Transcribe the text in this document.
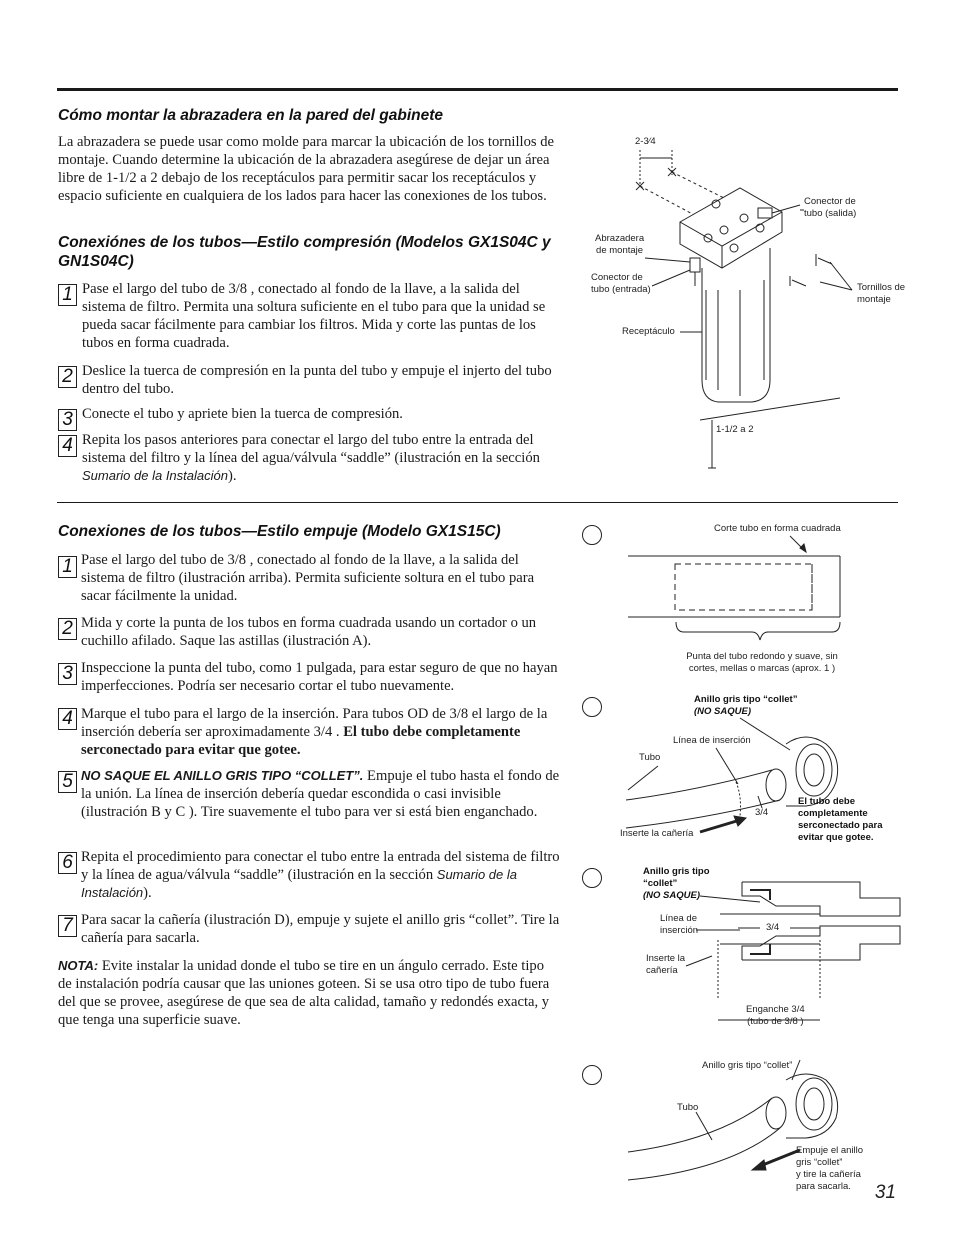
Cómo montar la abrazadera en la pared del gabinete
La abrazadera se puede usar como molde para marcar la ubicación de los tornillos de montaje. Cuando determine la ubicación de la abrazadera asegúrese de dejar un área libre de 1-1/2 a 2 debajo de los receptáculos para permitir sacar los receptáculos y espacio suficiente en cualquiera de los lados para hacer las conexiones de los tubos.
Conexiónes de los tubos—Estilo compresión (Modelos GX1S04C y GN1S04C)
1 Pase el largo del tubo de 3/8 , conectado al fondo de la llave, a la salida del sistema de filtro. Permita una soltura suficiente en el tubo para que la unidad se pueda sacar fácilmente para cambiar los filtros. Mida y corte las puntas de los tubos en forma cuadrada.
2 Deslice la tuerca de compresión en la punta del tubo y empuje el injerto del tubo dentro del tubo.
3 Conecte el tubo y apriete bien la tuerca de compresión.
4 Repita los pasos anteriores para conectar el largo del tubo entre la entrada del sistema del filtro y la línea del agua/válvula “saddle” (ilustración en la sección Sumario de la Instalación).
Conexiones de los tubos—Estilo empuje (Modelo GX1S15C)
1 Pase el largo del tubo de 3/8 , conectado al fondo de la llave, a la salida del sistema de filtro (ilustración arriba). Permita suficiente soltura en el tubo para sacar fácilmente la unidad.
2 Mida y corte la punta de los tubos en forma cuadrada usando un cortador o un cuchillo afilado. Saque las astillas (ilustración A).
3 Inspeccione la punta del tubo, como 1 pulgada, para estar seguro de que no hayan imperfecciones. Podría ser necesario cortar el tubo nuevamente.
4 Marque el tubo para el largo de la inserción. Para tubos OD de 3/8 el largo de la inserción debería ser aproximadamente 3/4 . El tubo debe completamente serconectado para evitar que gotee.
5 NO SAQUE EL ANILLO GRIS TIPO “COLLET”. Empuje el tubo hasta el fondo de la unión. La línea de inserción debería quedar escondida o casi invisible (ilustración B y C ). Tire suavemente el tubo para ver si está bien enganchado.
6 Repita el procedimiento para conectar el tubo entre la entrada del sistema de filtro y la línea de agua/válvula “saddle” (ilustración en la sección Sumario de la Instalación).
7 Para sacar la cañería (ilustración D), empuje y sujete el anillo gris “collet”. Tire la cañería para sacarla.
NOTA: Evite instalar la unidad donde el tubo se tire en un ángulo cerrado. Este tipo de instalación podría causar que las uniones goteen. Si se usa otro tipo de tubo fuera del que se provee, asegúrese de que sea de alta calidad, tamaño y redondés exacta, y que tenga una superficie suave.
2-3⁄4
Conector de
tubo (salida)
Abrazadera
de montaje
Conector de
tubo (entrada)	Tornillos de
montaje
Receptáculo
1-1/2 a 2
Corte tubo en forma cuadrada
Punta del tubo redondo y suave, sin
cortes, mellas o marcas (aprox. 1 )
Anillo gris tipo “collet”
(NO SAQUE)
Línea de inserción
Tubo
3/4
El tubo debe
completamente
serconectado para
evitar que gotee.
Inserte la cañería
Anillo gris tipo
“collet”
(NO SAQUE)
Línea de
inserción	3/4
Inserte la
cañería
Enganche 3/4
(tubo de 3/8 )
Anillo gris tipo “collet”
Tubo
Empuje el anillo
gris “collet”
y tire la cañería
para sacarla.	31
